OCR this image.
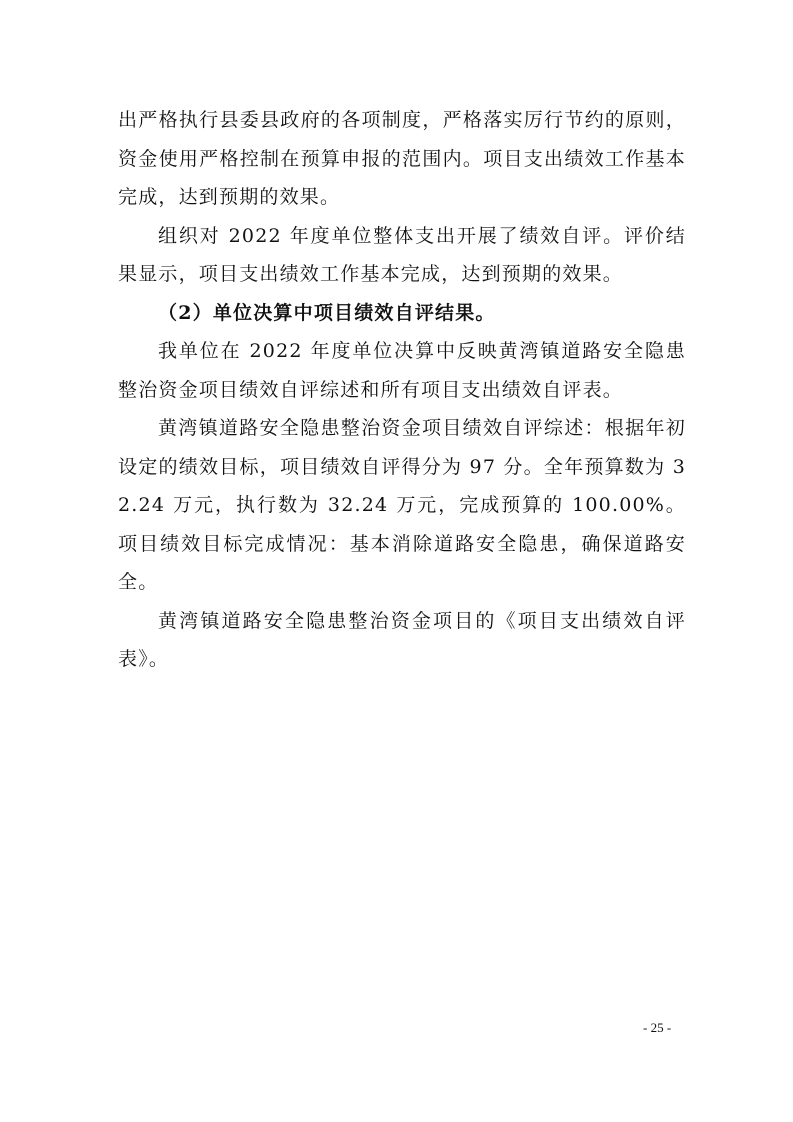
出严格执行县委县政府的各项制度，严格落实厉行节约的原则，资金使用严格控制在预算申报的范围内。项目支出绩效工作基本完成，达到预期的效果。

组织对 2022 年度单位整体支出开展了绩效自评。评价结果显示，项目支出绩效工作基本完成，达到预期的效果。

（2）单位决算中项目绩效自评结果。

我单位在 2022 年度单位决算中反映黄湾镇道路安全隐患整治资金项目绩效自评综述和所有项目支出绩效自评表。

黄湾镇道路安全隐患整治资金项目绩效自评综述：根据年初设定的绩效目标，项目绩效自评得分为 97 分。全年预算数为 32.24 万元，执行数为 32.24 万元，完成预算的 100.00%。项目绩效目标完成情况：基本消除道路安全隐患，确保道路安全。

黄湾镇道路安全隐患整治资金项目的《项目支出绩效自评表》。

- 25 -
